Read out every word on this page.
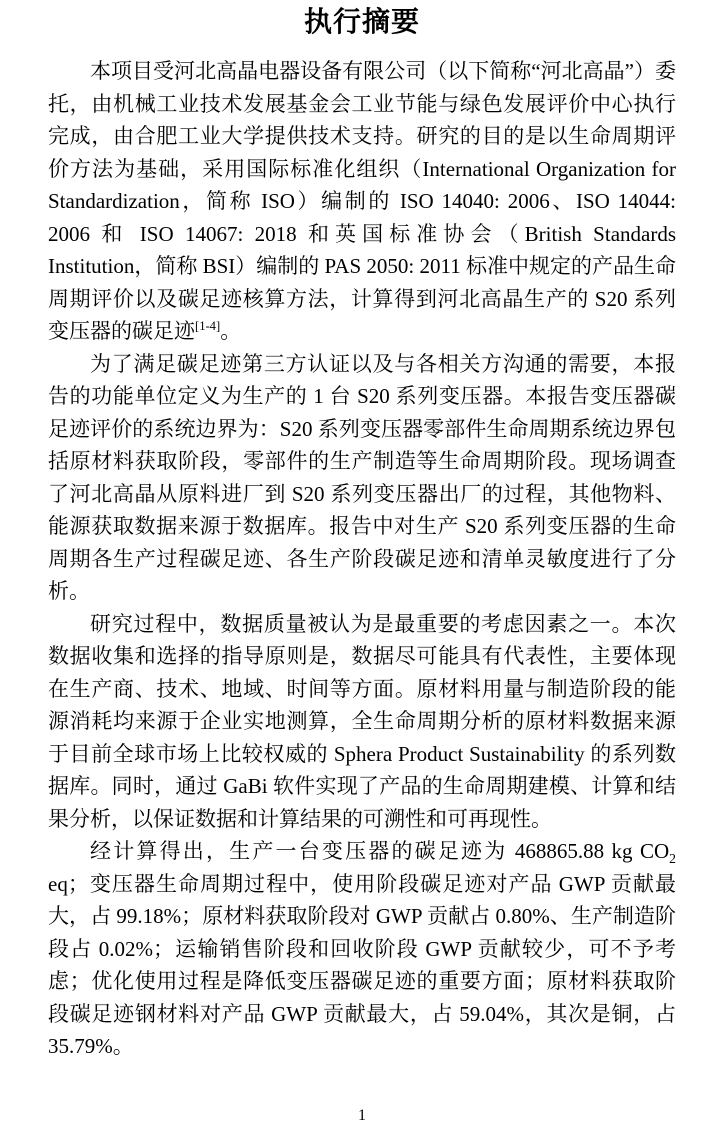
执行摘要

本项目受河北高晶电器设备有限公司（以下简称“河北高晶”）委托，由机械工业技术发展基金会工业节能与绿色发展评价中心执行完成，由合肥工业大学提供技术支持。研究的目的是以生命周期评价方法为基础，采用国际标准化组织（International Organization for Standardization，简称 ISO）编制的 ISO 14040: 2006、ISO 14044: 2006 和 ISO 14067: 2018 和英国标准协会（British Standards Institution，简称 BSI）编制的 PAS 2050: 2011 标准中规定的产品生命周期评价以及碳足迹核算方法，计算得到河北高晶生产的 S20 系列变压器的碳足迹[1-4]。

为了满足碳足迹第三方认证以及与各相关方沟通的需要，本报告的功能单位定义为生产的 1 台 S20 系列变压器。本报告变压器碳足迹评价的系统边界为：S20 系列变压器零部件生命周期系统边界包括原材料获取阶段，零部件的生产制造等生命周期阶段。现场调查了河北高晶从原料进厂到 S20 系列变压器出厂的过程，其他物料、能源获取数据来源于数据库。报告中对生产 S20 系列变压器的生命周期各生产过程碳足迹、各生产阶段碳足迹和清单灵敏度进行了分析。

研究过程中，数据质量被认为是最重要的考虑因素之一。本次数据收集和选择的指导原则是，数据尽可能具有代表性，主要体现在生产商、技术、地域、时间等方面。原材料用量与制造阶段的能源消耗均来源于企业实地测算，全生命周期分析的原材料数据来源于目前全球市场上比较权威的 Sphera Product Sustainability 的系列数据库。同时，通过 GaBi 软件实现了产品的生命周期建模、计算和结果分析，以保证数据和计算结果的可溯性和可再现性。

经计算得出，生产一台变压器的碳足迹为 468865.88 kg $CO_2$ eq；变压器生命周期过程中，使用阶段碳足迹对产品 GWP 贡献最大，占 99.18%；原材料获取阶段对 GWP 贡献占 0.80%、生产制造阶段占 0.02%；运输销售阶段和回收阶段 GWP 贡献较少，可不予考虑；优化使用过程是降低变压器碳足迹的重要方面；原材料获取阶段碳足迹钢材料对产品 GWP 贡献最大，占 59.04%，其次是铜，占 35.79%。

1
